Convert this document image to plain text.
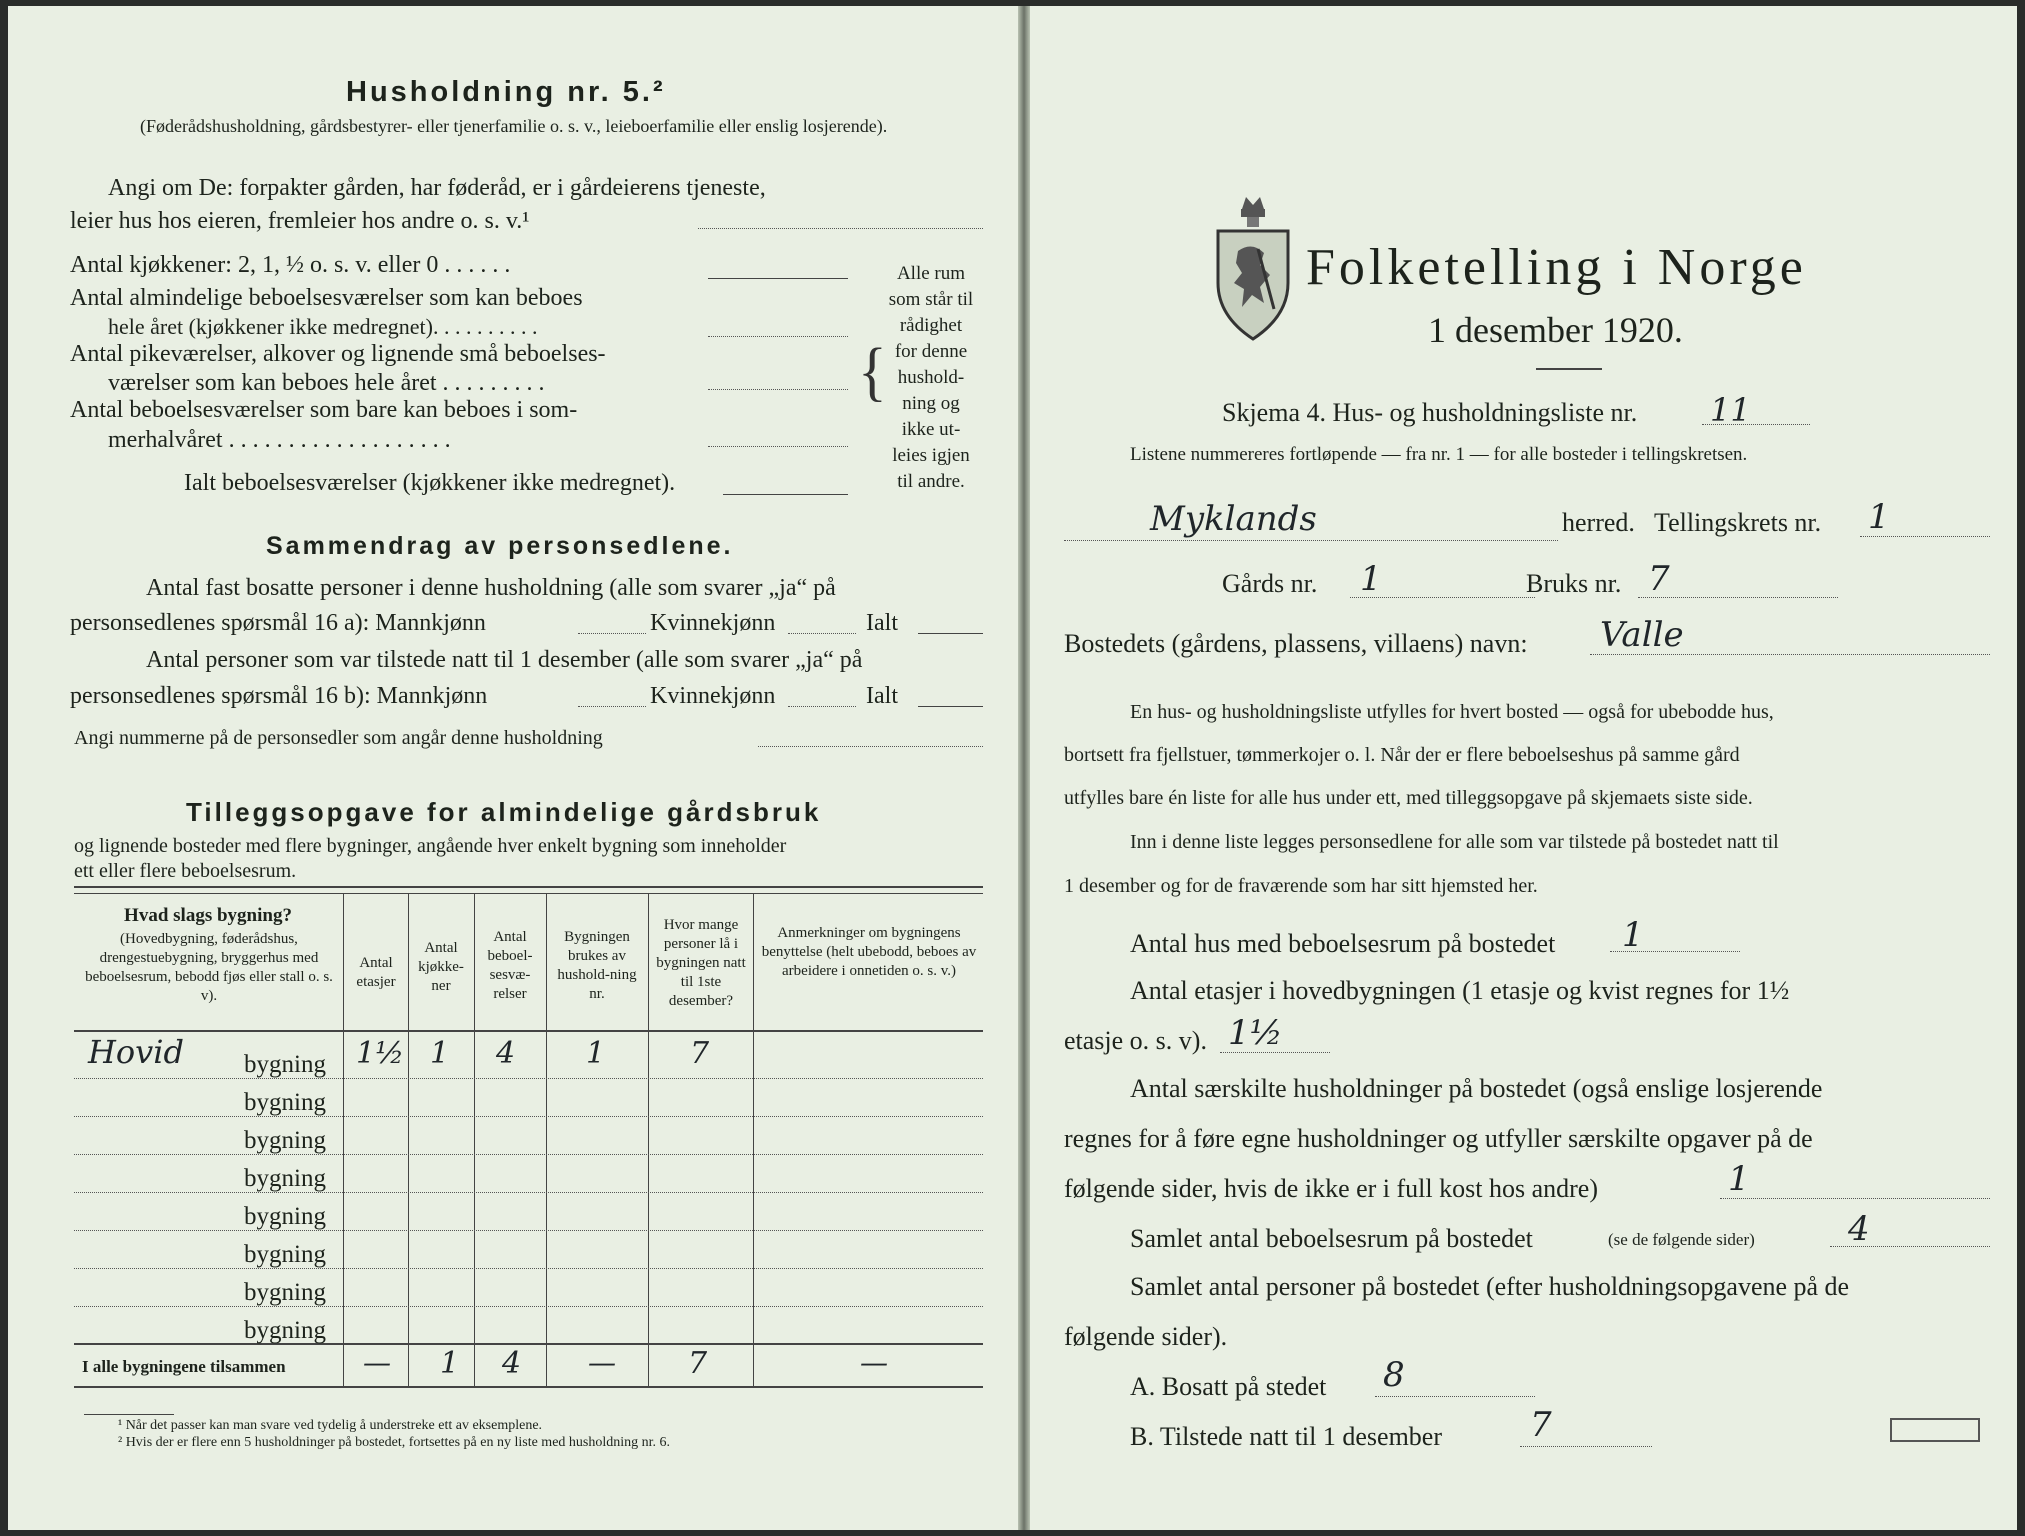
Husholdning nr. 5.²
(Føderådshusholdning, gårdsbestyrer- eller tjenerfamilie o. s. v., leieboerfamilie eller enslig losjerende).
Angi om De: forpakter gården, har føderåd, er i gårdeierens tjeneste,
leier hus hos eieren, fremleier hos andre o. s. v.¹
Antal kjøkkener: 2, 1, ½ o. s. v. eller 0 . . . . . .
Antal almindelige beboelsesværelser som kan beboes
hele året (kjøkkener ikke medregnet). . . . . . . . . .
Antal pikeværelser, alkover og lignende små beboelses-
værelser som kan beboes hele året . . . . . . . . .
Antal beboelsesværelser som bare kan beboes i som-
merhalvåret . . . . . . . . . . . . . . . . . . .
Ialt beboelsesværelser (kjøkkener ikke medregnet).
{
Alle rum
som står til
rådighet
for denne
hushold-
ning og
ikke ut-
leies igjen
til andre.
Sammendrag av personsedlene.
Antal fast bosatte personer i denne husholdning (alle som svarer „ja“ på
personsedlenes spørsmål 16 a): Mannkjønn	Kvinnekjønn	Ialt
Antal personer som var tilstede natt til 1 desember (alle som svarer „ja“ på
personsedlenes spørsmål 16 b): Mannkjønn	Kvinnekjønn	Ialt
Angi nummerne på de personsedler som angår denne husholdning
Tilleggsopgave for almindelige gårdsbruk
og lignende bosteder med flere bygninger, angående hver enkelt bygning som inneholder
ett eller flere beboelsesrum.
Hvad slags bygning?
(Hovedbygning, føderådshus, drengestuebygning, bryggerhus med beboelsesrum, bebodd fjøs eller stall o. s. v).
Antal etasjer
Antal kjøkke-ner
Antal beboel-sesvæ-relser
Bygningen brukes av hushold-ning nr.
Hvor mange personer lå i bygningen natt til 1ste desember?
Anmerkninger om bygningens benyttelse (helt ubebodd, beboes av arbeidere i onnetiden o. s. v.)
Hovid bygning 1½ 1 4 1	7
bygning
bygning
bygning
bygning
bygning
bygning
bygning
I alle bygningene tilsammen	— 1 4 — 7	—
¹ Når det passer kan man svare ved tydelig å understreke ett av eksemplene.
² Hvis der er flere enn 5 husholdninger på bostedet, fortsettes på en ny liste med husholdning nr. 6.
Folketelling i Norge
1 desember 1920.
Skjema 4. Hus- og husholdningsliste nr. 11
Listene nummereres fortløpende — fra nr. 1 — for alle bosteder i tellingskretsen.
Myklands	herred. Tellingskrets nr. 1
Gårds nr. 1	Bruks nr. 7
Bostedets (gårdens, plassens, villaens) navn: Valle
En hus- og husholdningsliste utfylles for hvert bosted — også for ubebodde hus,
bortsett fra fjellstuer, tømmerkojer o. l. Når der er flere beboelseshus på samme gård
utfylles bare én liste for alle hus under ett, med tilleggsopgave på skjemaets siste side.
Inn i denne liste legges personsedlene for alle som var tilstede på bostedet natt til
1 desember og for de fraværende som har sitt hjemsted her.
Antal hus med beboelsesrum på bostedet 1
Antal etasjer i hovedbygningen (1 etasje og kvist regnes for 1½
etasje o. s. v). 1½
Antal særskilte husholdninger på bostedet (også enslige losjerende
regnes for å føre egne husholdninger og utfyller særskilte opgaver på de
følgende sider, hvis de ikke er i full kost hos andre)	1
Samlet antal beboelsesrum på bostedet	(se de følgende sider)	4
Samlet antal personer på bostedet (efter husholdningsopgavene på de
følgende sider).
A. Bosatt på stedet 8
B. Tilstede natt til 1 desember	7
